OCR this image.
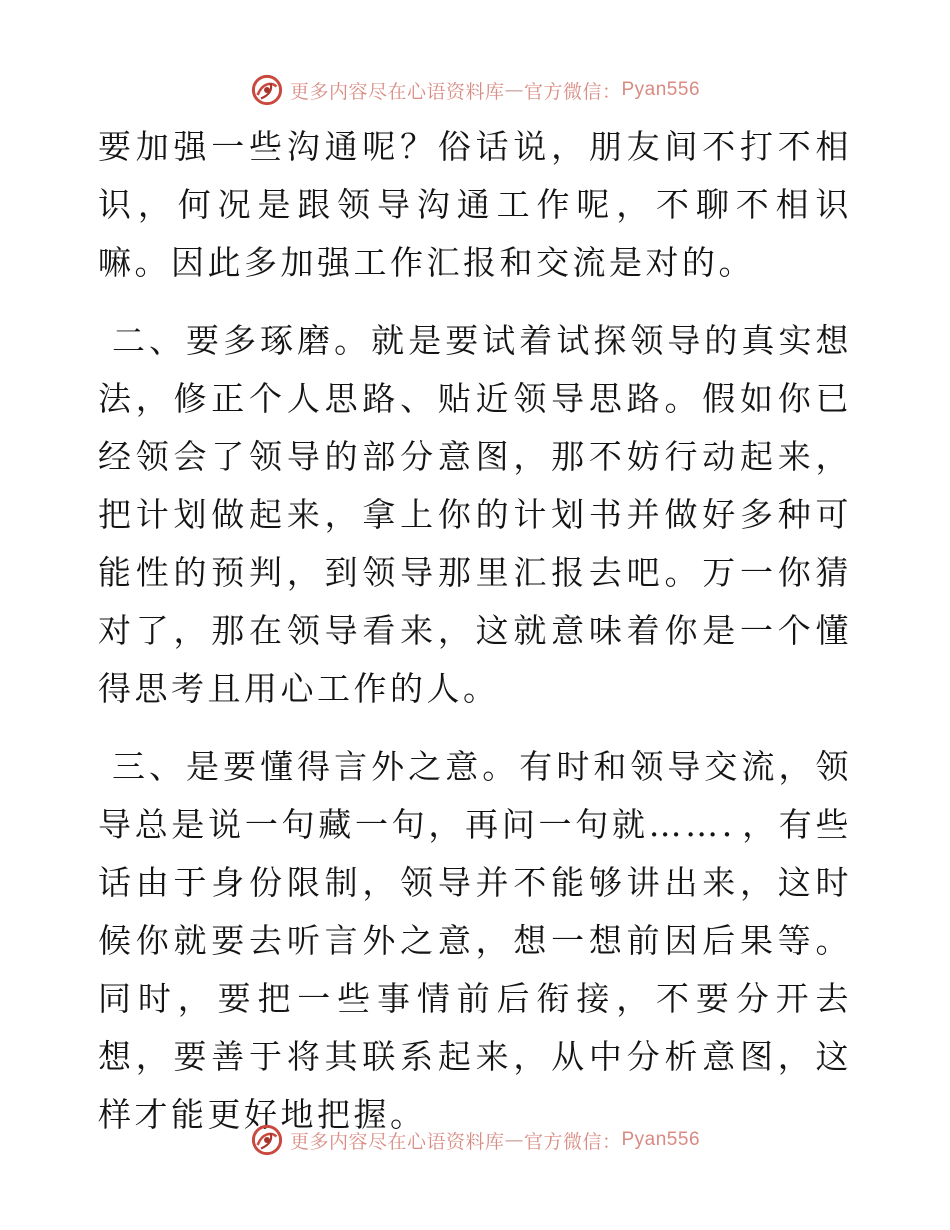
更多内容尽在心语资料库 — 官方微信： Pyan556

要加强一些沟通呢？俗话说，朋友间不打不相识，何况是跟领导沟通工作呢，不聊不相识嘛。因此多加强工作汇报和交流是对的。

二、要多琢磨。就是要试着试探领导的真实想法，修正个人思路、贴近领导思路。假如你已经领会了领导的部分意图，那不妨行动起来，把计划做起来，拿上你的计划书并做好多种可能性的预判，到领导那里汇报去吧。万一你猜对了，那在领导看来，这就意味着你是一个懂得思考且用心工作的人。

三、是要懂得言外之意。有时和领导交流，领导总是说一句藏一句，再问一句就……．，有些话由于身份限制，领导并不能够讲出来，这时候你就要去听言外之意，想一想前因后果等。同时，要把一些事情前后衔接，不要分开去想，要善于将其联系起来，从中分析意图，这样才能更好地把握。

更多内容尽在心语资料库 — 官方微信： Pyan556
